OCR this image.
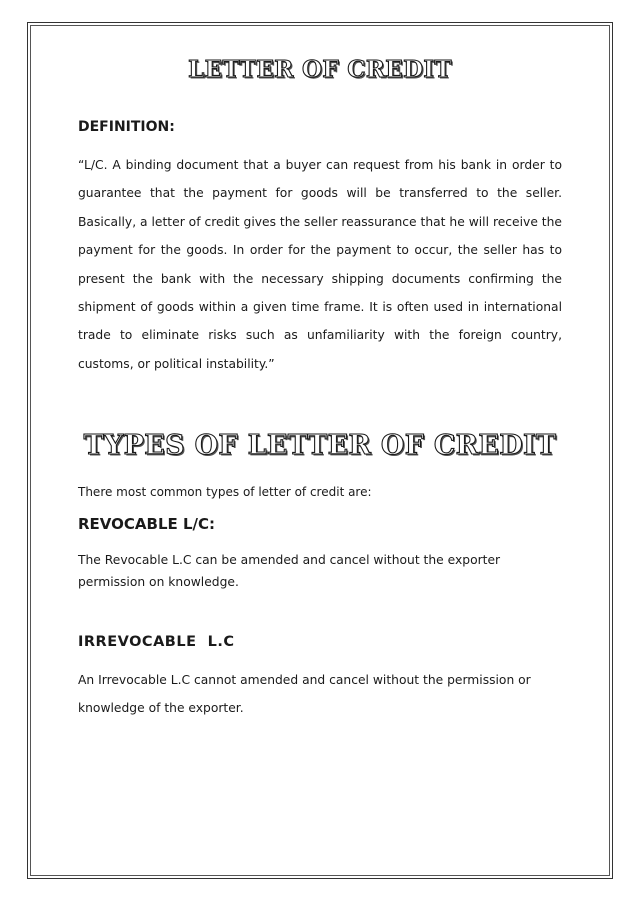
LETTER OF CREDIT
DEFINITION:

“L/C. A binding document that a buyer can request from his bank in order to
guarantee that the payment for goods will be transferred to the seller.
Basically, a letter of credit gives the seller reassurance that he will receive the
payment for the goods. In order for the payment to occur, the seller has to
present the bank with the necessary shipping documents confirming the
shipment of goods within a given time frame. It is often used in international
trade to eliminate risks such as unfamiliarity with the foreign country,
customs, or political instability.”

TYPES OF LETTER OF CREDIT

There most common types of letter of credit are:

REVOCABLE L/C:

The Revocable L.C can be amended and cancel without the exporter
permission on knowledge.

IRREVOCABLE  L.C

An Irrevocable L.C cannot amended and cancel without the permission or
knowledge of the exporter.
